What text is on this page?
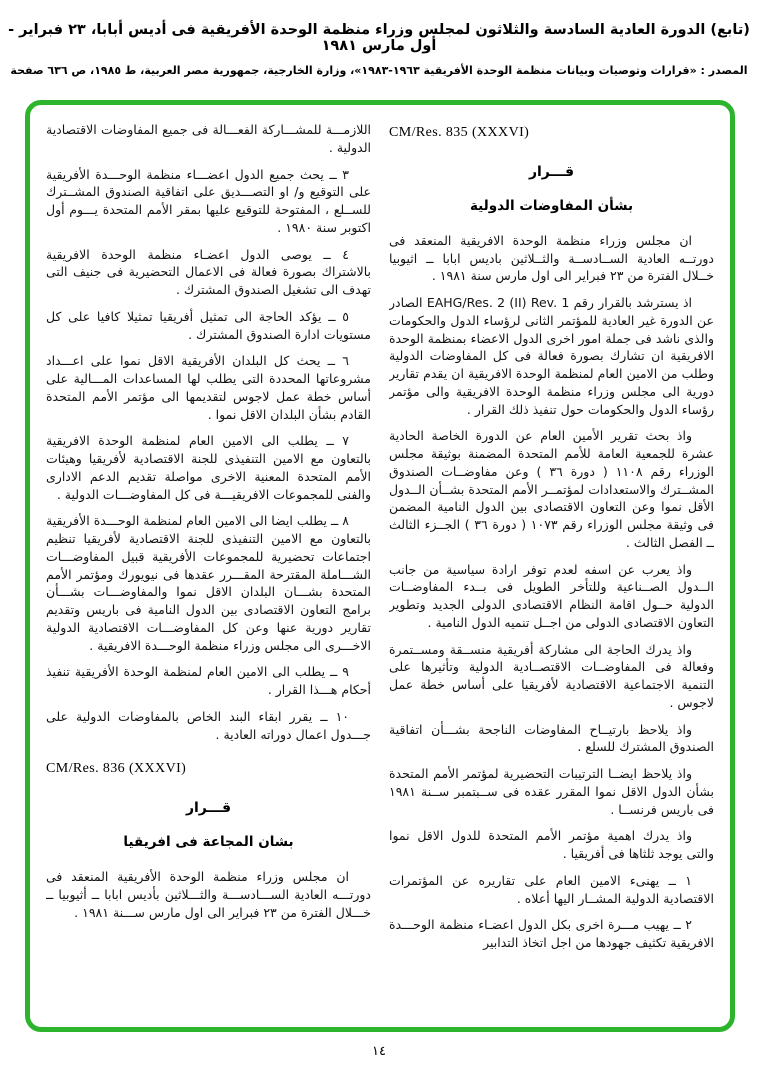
(تابع) الدورة العادية السادسة والثلاثون لمجلس وزراء منظمة الوحدة الأفريقية فى أديس أبابا، ٢٣ فبراير - أول مارس ١٩٨١
المصدر : «قرارات وتوصيات وبيانات منظمة الوحدة الأفريقية ١٩٦٣-١٩٨٣»، وزارة الخارجية، جمهورية مصر العربية، ط ١٩٨٥، ص ٦٣٦ صفحة
CM/Res. 835 (XXXVI)
قـــرار
بشأن المفاوضات الدولية

ان مجلس وزراء منظمة الوحدة الافريقية المنعقد فى دورتــه العادية الســادســة والثــلاثين باديس ابابا ــ اثيوبيا خــلال الفترة من ٢٣ فبراير الى اول مارس سنة ١٩٨١ .

اذ يسترشد بالقرار رقم EAHG/Res. 2 (II) Rev. 1 الصادر عن الدورة غير العادية للمؤتمر الثانى لرؤساء الدول والحكومات والذى ناشد فى جملة امور اخرى الدول الاعضاء بمنظمة الوحدة الافريقية ان تشارك بصورة فعالة فى كل المفاوضات الدولية وطلب من الامين العام لمنظمة الوحدة الافريقية ان يقدم تقارير دورية الى مجلس وزراء منظمة الوحدة الافريقية والى مؤتمر رؤساء الدول والحكومات حول تنفيذ ذلك القرار .

واذ بحث تقرير الأمين العام عن الدورة الخاصة الحادية عشرة للجمعية العامة للأمم المتحدة المضمنة بوثيقة مجلس الوزراء رقم ١١٠٨ ( دورة ٣٦ ) وعن مفاوضــات الصندوق المشــترك والاستعدادات لمؤتمــر الأمم المتحدة بشــأن الــدول الأقل نموا وعن التعاون الاقتصادى بين الدول النامية المضمن فى وثيقة مجلس الوزراء رقم ١٠٧٣ ( دورة ٣٦ ) الجــزء الثالث ــ الفصل الثالث .

واذ يعرب عن اسفه لعدم توفر ارادة سياسية من جانب الــدول الصــناعية وللتأخر الطويل فى بــدء المفاوضــات الدولية حــول اقامة النظام الاقتصادى الدولى الجديد وتطوير التعاون الاقتصادى الدولى من اجــل تنميه الدول النامية .

واذ يدرك الحاجة الى مشاركة أفريقية منســقة ومســتمرة وفعالة فى المفاوضــات الاقتصــادية الدولية وتأثيرها على التنمية الاجتماعية الاقتصادية لأفريقيا على أساس خطة عمل لاجوس .

واذ يلاحظ بارتيــاح المفاوضات الناجحة بشـــأن اتفاقية الصندوق المشترك للسلع .

واذ يلاحظ ايضــا الترتيبات التحضيرية لمؤتمر الأمم المتحدة بشأن الدول الاقل نموا المقرر عقده فى ســبتمبر ســنة ١٩٨١ فى باريس فرنســا .

واذ يدرك اهمية مؤتمر الأمم المتحدة للدول الاقل نموا والتى يوجد ثلثاها فى أفريقيا .

١ ــ يهنىء الامين العام على تقاريره عن المؤتمرات الاقتصادية الدولية المشــار اليها أعلاه .

٢ ــ يهيب مـــرة اخرى بكل الدول اعضـاء منظمة الوحـــدة الافريقية تكثيف جهودها من اجل اتخاذ التدابير

اللازمـــة للمشـــاركة الفعـــالة فى جميع المفاوضات الاقتصادية الدولية .

٣ ــ يحث جميع الدول اعضـــاء منظمة الوحـــدة الأفريقية على التوقيع و/ او التصـــديق على اتفاقية الصندوق المشــترك للســلع ، المفتوحة للتوقيع عليها بمقر الأمم المتحدة يـــوم أول اكتوبر سنة ١٩٨٠ .

٤ ــ يوصى الدول اعضـاء منظمة الوحدة الافريقية بالاشتراك بصورة فعالة فى الاعمال التحضيرية فى جنيف التى تهدف الى تشغيل الصندوق المشترك .

٥ ــ يؤكد الحاجة الى تمثيل أفريقيا تمثيلا كافيا على كل مستويات ادارة الصندوق المشترك .

٦ ــ يحث كل البلدان الأفريقية الاقل نموا على اعـــداد مشروعاتها المحددة التى يطلب لها المساعدات المـــالية على أساس خطة عمل لاجوس لتقديمها الى مؤتمر الأمم المتحدة القادم بشأن البلدان الاقل نموا .

٧ ــ يطلب الى الامين العام لمنظمة الوحدة الافريقية بالتعاون مع الامين التنفيذى للجنة الاقتصادية لأفريقيا وهيئات الأمم المتحدة المعنية الاخرى مواصلة تقديم الدعم الادارى والفنى للمجموعات الافريقيـــة فى كل المفاوضـــات الدولية .

٨ ــ يطلب ايضا الى الامين العام لمنظمة الوحـــدة الأفريقية بالتعاون مع الامين التنفيذى للجنة الاقتصادية لأفريقيا تنظيم اجتماعات تحضيرية للمجموعات الأفريقية قبيل المفاوضـــات الشـــاملة المقترحة المقـــرر عقدها فى نيويورك ومؤتمر الأمم المتحدة بشـــان البلدان الاقل نموا والمفاوضـــات بشـــأن برامج التعاون الاقتصادى بين الدول النامية فى باريس وتقديم تقارير دورية عنها وعن كل المفاوضـــات الاقتصادية الدولية الاخـــرى الى مجلس وزراء منظمة الوحـــدة الافريقية .

٩ ــ يطلب الى الامين العام لمنظمة الوحدة الأفريقية تنفيذ أحكام هـــذا القرار .

١٠ ــ يقرر ابقاء البند الخاص بالمفاوضات الدولية على جـــدول اعمال دوراته العادية .

CM/Res. 836 (XXXVI)
قـــرار
بشان المجاعة فى افريقيا

ان مجلس وزراء منظمة الوحدة الأفريقية المنعقد فى دورتـــه العادية الســـادســـة والثـــلاثين بأديس ابابا ــ أثيوبيا ــ خـــلال الفترة من ٢٣ فبراير الى اول مارس ســـنة ١٩٨١ .

١٤
